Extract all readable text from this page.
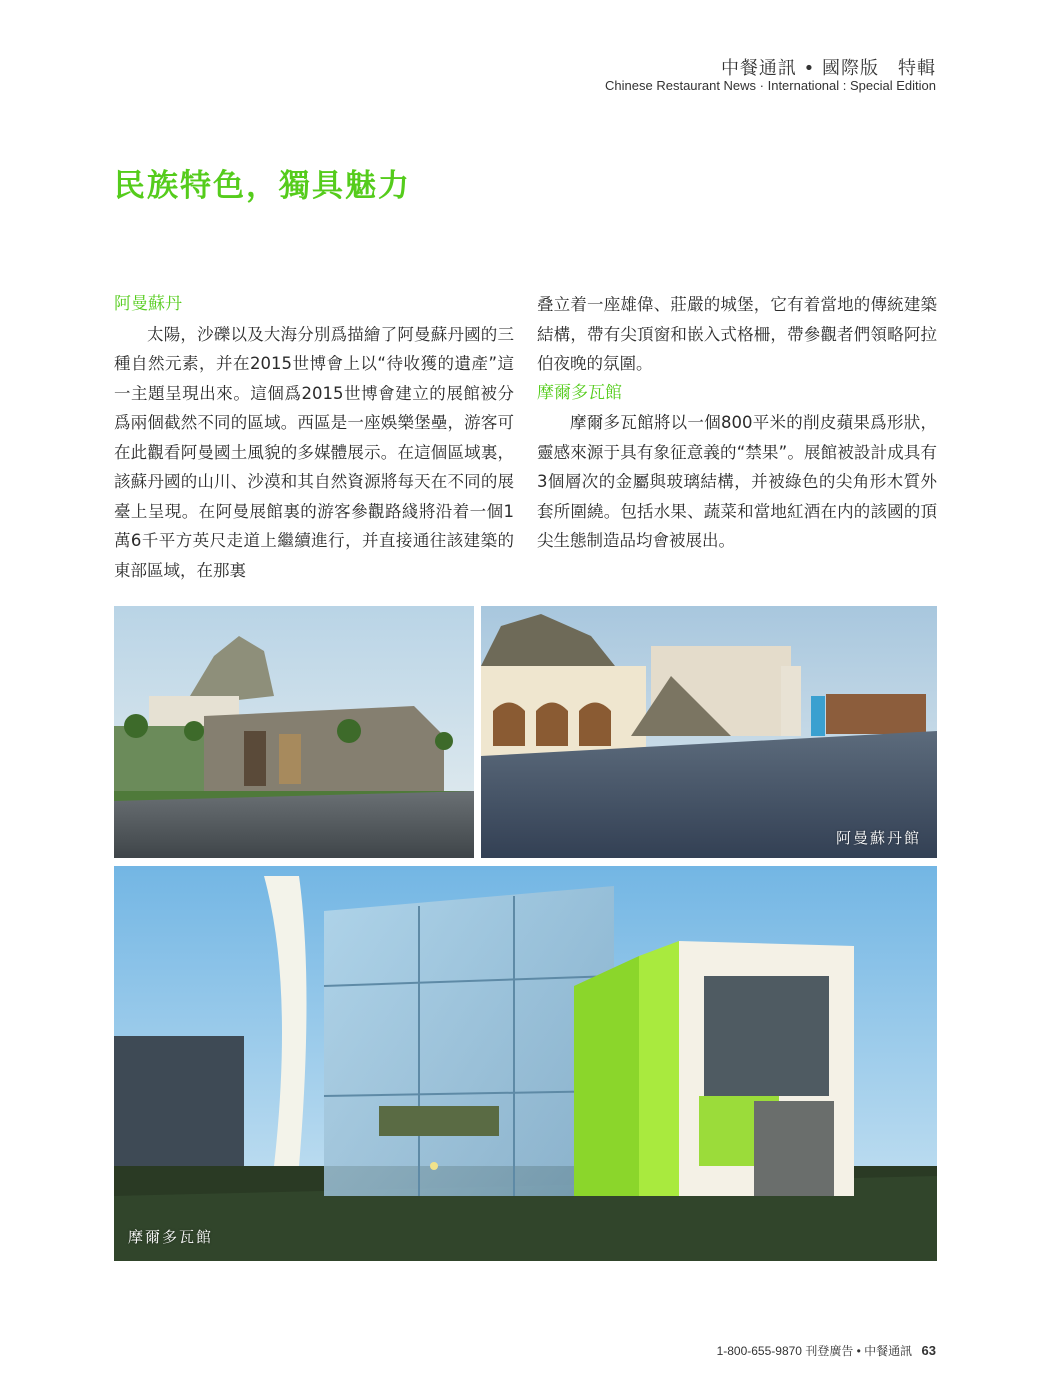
中餐通訊 • 國際版　特輯
Chinese Restaurant News · International : Special Edition
民族特色，獨具魅力

阿曼蘇丹

太陽，沙礫以及大海分別爲描繪了阿曼蘇丹國的三種自然元素，并在2015世博會上以“待收獲的遺產”這一主題呈現出來。這個爲2015世博會建立的展館被分爲兩個截然不同的區域。西區是一座娛樂堡壘，游客可在此觀看阿曼國土風貌的多媒體展示。在這個區域裏，該蘇丹國的山川、沙漠和其自然資源將每天在不同的展臺上呈現。在阿曼展館裏的游客參觀路綫將沿着一個1萬6千平方英尺走道上繼續進行，并直接通往該建築的東部區域，在那裏

叠立着一座雄偉、莊嚴的城堡，它有着當地的傳統建築結構，帶有尖頂窗和嵌入式格柵，帶參觀者們領略阿拉伯夜晚的氛圍。

摩爾多瓦館

摩爾多瓦館將以一個800平米的削皮蘋果爲形狀，靈感來源于具有象征意義的“禁果”。展館被設計成具有3個層次的金屬與玻璃結構，并被綠色的尖角形木質外套所圍繞。包括水果、蔬菜和當地紅酒在内的該國的頂尖生態制造品均會被展出。

阿曼蘇丹館
摩爾多瓦館
1-800-655-9870 刊登廣告 • 中餐通訊 63
